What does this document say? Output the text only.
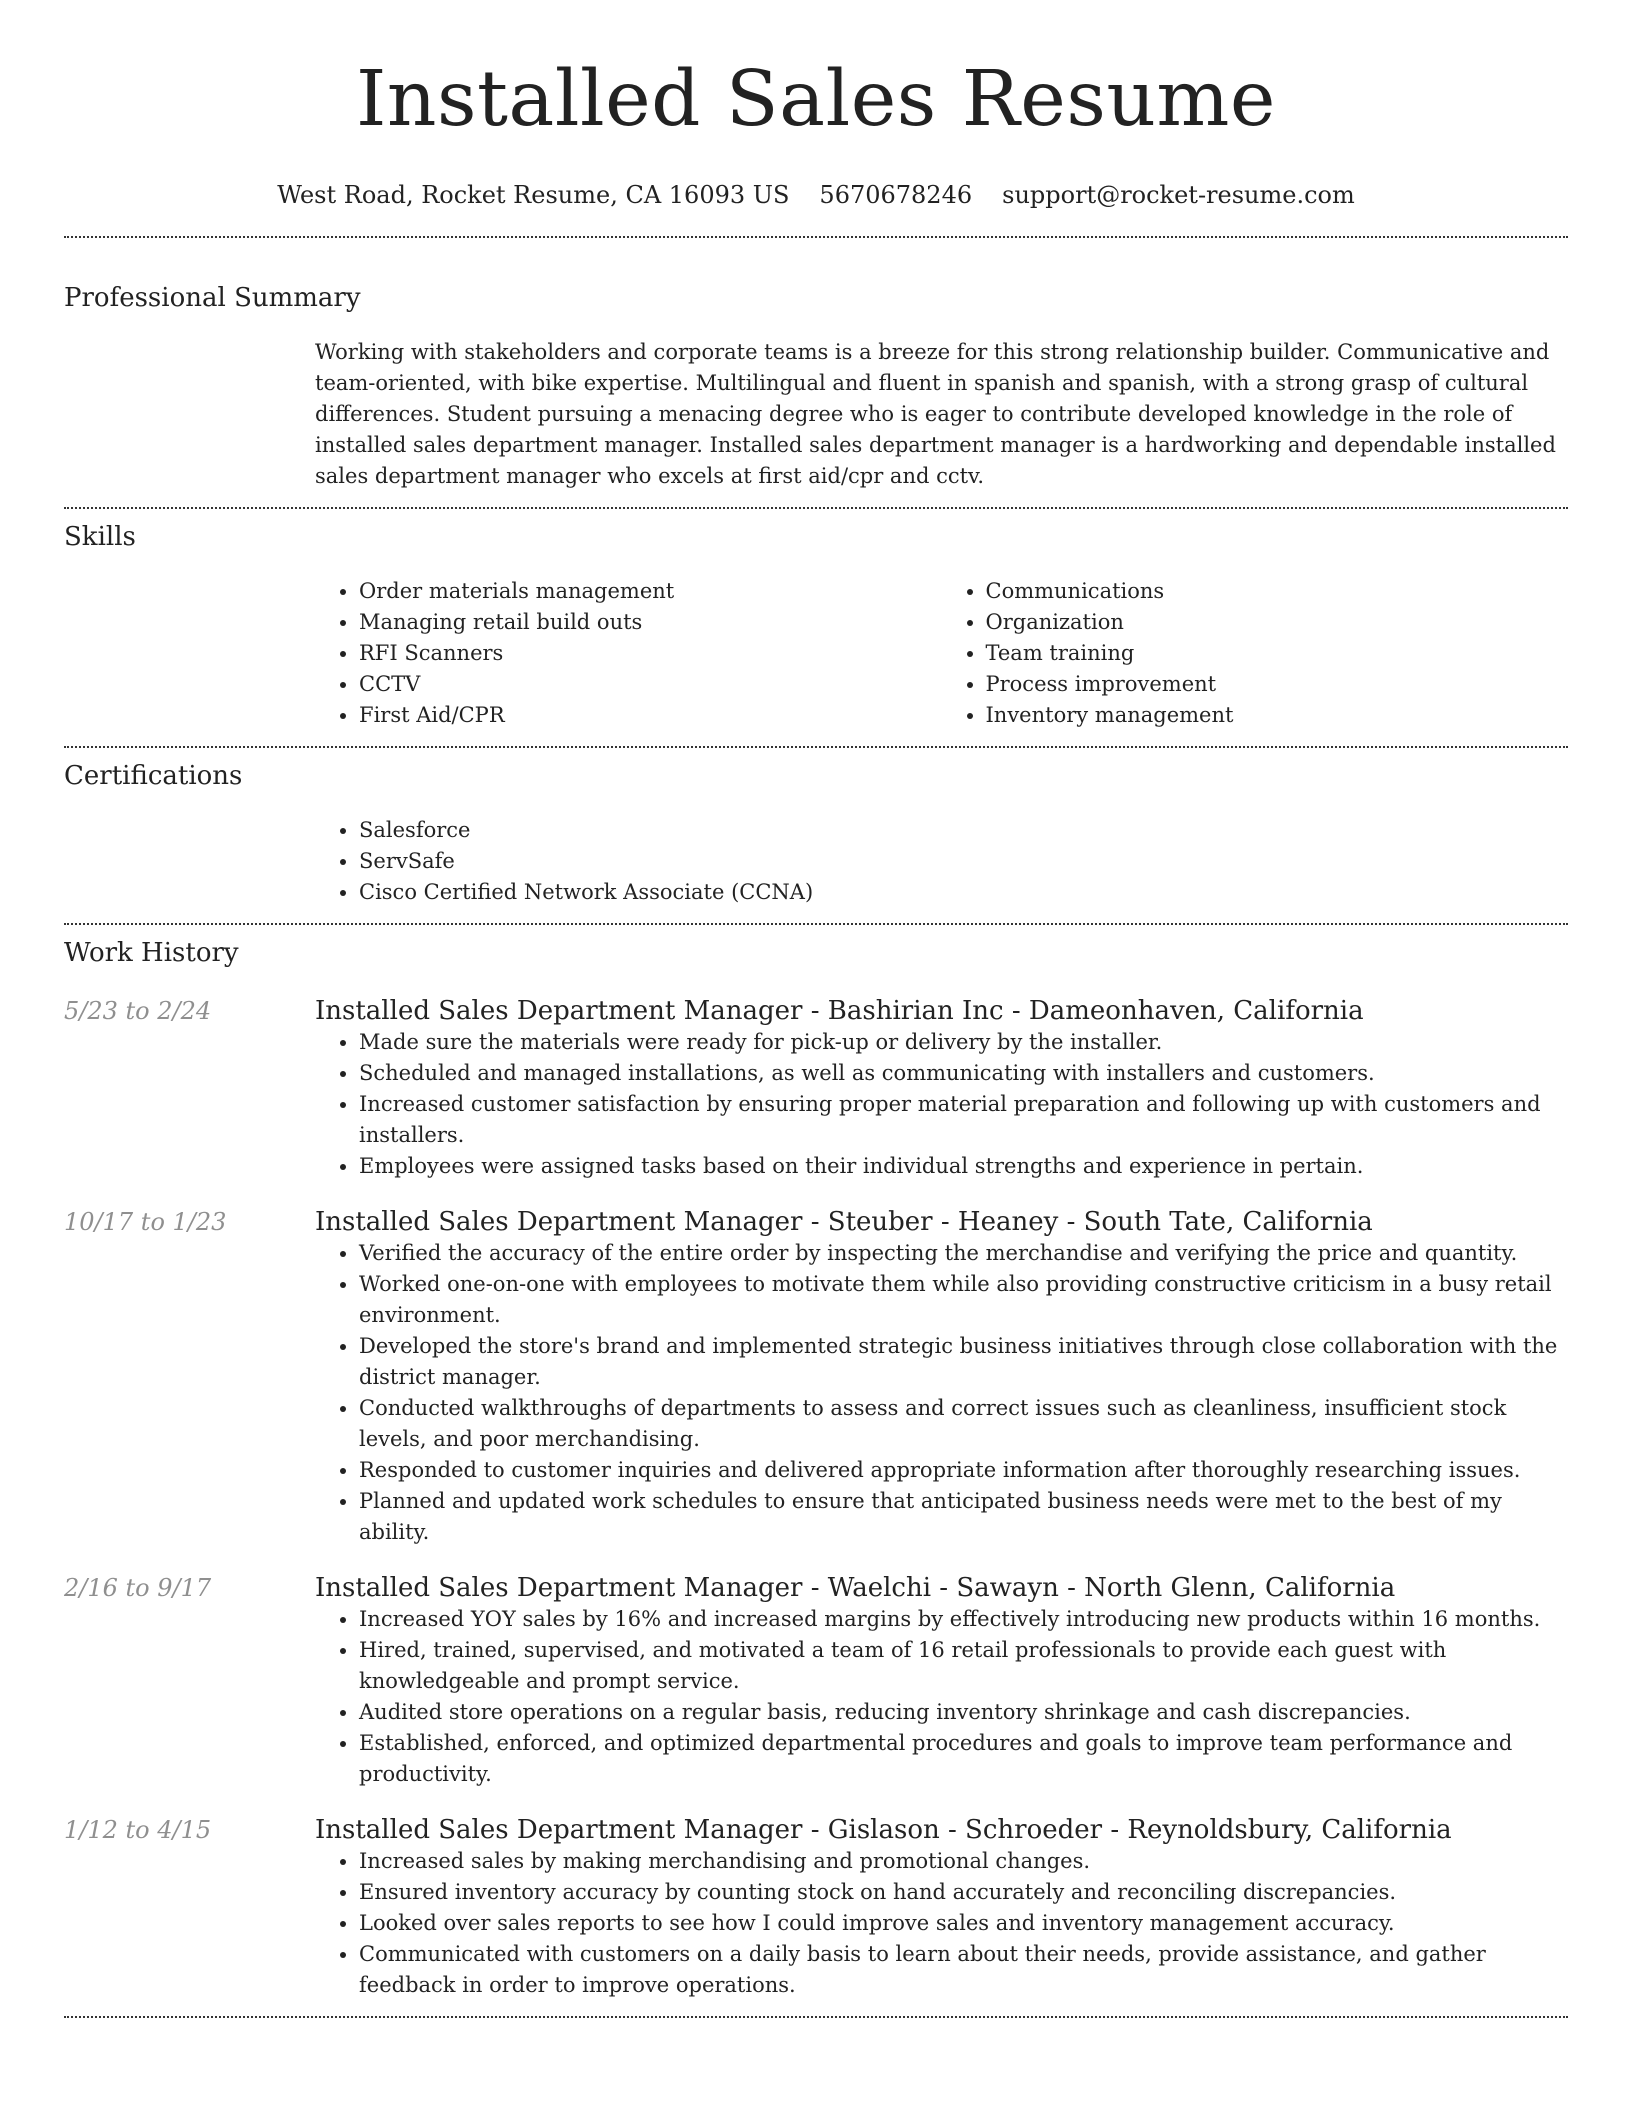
Installed Sales Resume
West Road, Rocket Resume, CA 16093 US 5670678246 support@rocket-resume.com
Professional Summary
Working with stakeholders and corporate teams is a breeze for this strong relationship builder. Communicative and team-oriented, with bike expertise. Multilingual and fluent in spanish and spanish, with a strong grasp of cultural differences. Student pursuing a menacing degree who is eager to contribute developed knowledge in the role of installed sales department manager. Installed sales department manager is a hardworking and dependable installed sales department manager who excels at first aid/cpr and cctv.
Skills
• Order materials management
• Managing retail build outs
• RFI Scanners
• CCTV
• First Aid/CPR
• Communications
• Organization
• Team training
• Process improvement
• Inventory management
Certifications
• Salesforce
• ServSafe
• Cisco Certified Network Associate (CCNA)
Work History
5/23 to 2/24	Installed Sales Department Manager - Bashirian Inc - Dameonhaven, California
• Made sure the materials were ready for pick-up or delivery by the installer.
• Scheduled and managed installations, as well as communicating with installers and customers.
• Increased customer satisfaction by ensuring proper material preparation and following up with customers and installers.
• Employees were assigned tasks based on their individual strengths and experience in pertain.
10/17 to 1/23	Installed Sales Department Manager - Steuber - Heaney - South Tate, California
• Verified the accuracy of the entire order by inspecting the merchandise and verifying the price and quantity.
• Worked one-on-one with employees to motivate them while also providing constructive criticism in a busy retail environment.
• Developed the store's brand and implemented strategic business initiatives through close collaboration with the district manager.
• Conducted walkthroughs of departments to assess and correct issues such as cleanliness, insufficient stock levels, and poor merchandising.
• Responded to customer inquiries and delivered appropriate information after thoroughly researching issues.
• Planned and updated work schedules to ensure that anticipated business needs were met to the best of my ability.
2/16 to 9/17	Installed Sales Department Manager - Waelchi - Sawayn - North Glenn, California
• Increased YOY sales by 16% and increased margins by effectively introducing new products within 16 months.
• Hired, trained, supervised, and motivated a team of 16 retail professionals to provide each guest with knowledgeable and prompt service.
• Audited store operations on a regular basis, reducing inventory shrinkage and cash discrepancies.
• Established, enforced, and optimized departmental procedures and goals to improve team performance and productivity.
1/12 to 4/15	Installed Sales Department Manager - Gislason - Schroeder - Reynoldsbury, California
• Increased sales by making merchandising and promotional changes.
• Ensured inventory accuracy by counting stock on hand accurately and reconciling discrepancies.
• Looked over sales reports to see how I could improve sales and inventory management accuracy.
• Communicated with customers on a daily basis to learn about their needs, provide assistance, and gather feedback in order to improve operations.
